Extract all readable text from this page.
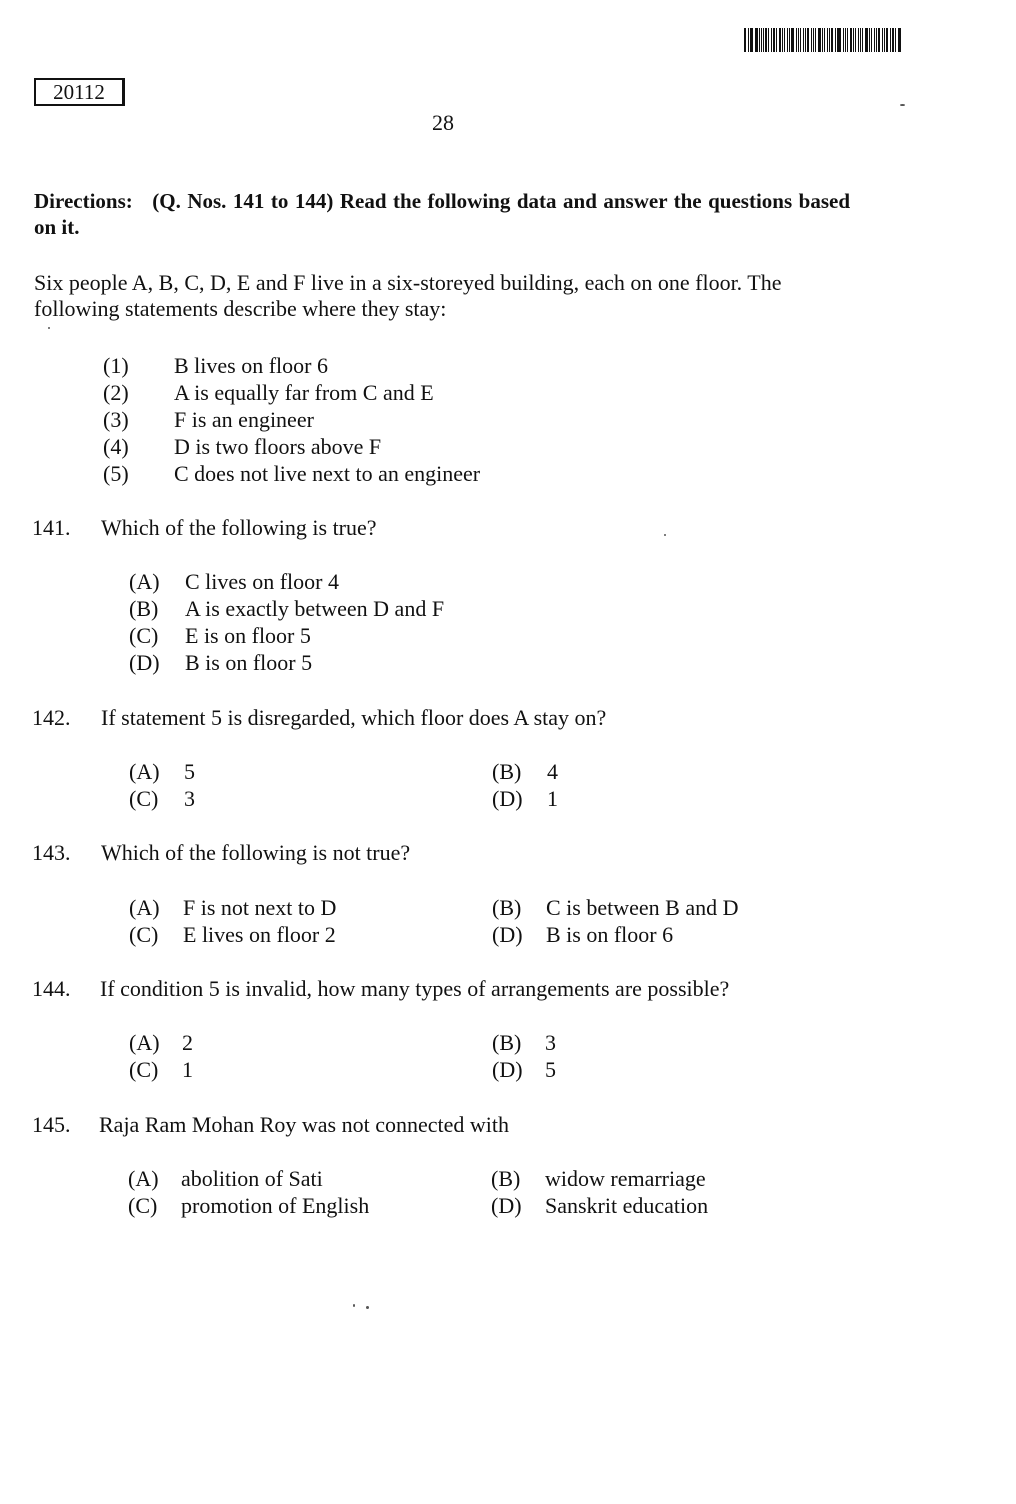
20112
28
Directions: (Q. Nos. 141 to 144) Read the following data and answer the questions based on it.
Six people A, B, C, D, E and F live in a six-storeyed building, each on one floor. The following statements describe where they stay:
(1) B lives on floor 6
(2) A is equally far from C and E
(3) F is an engineer
(4) D is two floors above F
(5) C does not live next to an engineer
141. Which of the following is true?
(A) C lives on floor 4
(B) A is exactly between D and F
(C) E is on floor 5
(D) B is on floor 5
142. If statement 5 is disregarded, which floor does A stay on?
(A) 5	(B) 4
(C) 3	(D) 1
143. Which of the following is not true?
(A) F is not next to D	(B) C is between B and D
(C) E lives on floor 2	(D) B is on floor 6
144. If condition 5 is invalid, how many types of arrangements are possible?
(A) 2	(B) 3
(C) 1	(D) 5
145. Raja Ram Mohan Roy was not connected with
(A) abolition of Sati	(B) widow remarriage
(C) promotion of English	(D) Sanskrit education
